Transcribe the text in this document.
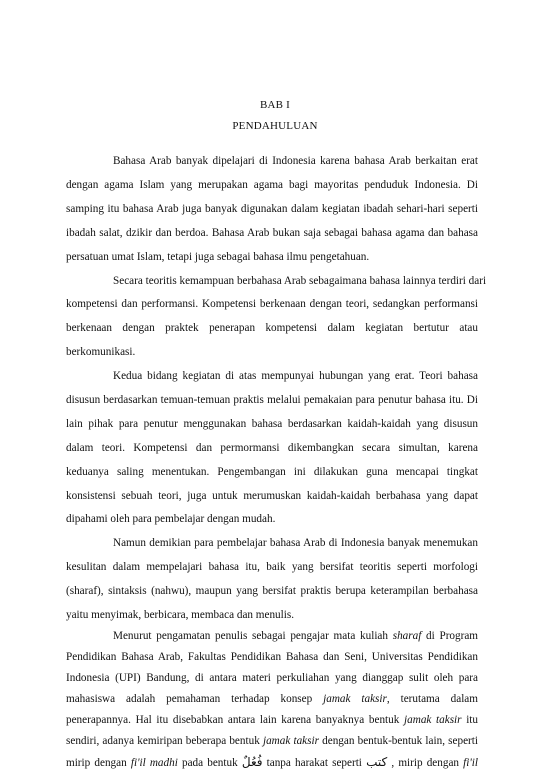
BAB I
PENDAHULUAN
Bahasa Arab banyak dipelajari di Indonesia karena bahasa Arab berkaitan erat
dengan agama Islam yang merupakan agama bagi mayoritas penduduk Indonesia. Di
samping itu bahasa Arab juga banyak digunakan dalam kegiatan ibadah sehari-hari seperti
ibadah salat, dzikir dan berdoa. Bahasa Arab bukan saja sebagai bahasa agama dan bahasa
persatuan umat Islam, tetapi juga sebagai bahasa ilmu pengetahuan.
Secara teoritis kemampuan berbahasa Arab sebagaimana bahasa lainnya terdiri dari
kompetensi dan performansi. Kompetensi berkenaan dengan teori, sedangkan performansi
berkenaan dengan praktek penerapan kompetensi dalam kegiatan bertutur atau
berkomunikasi.
Kedua bidang kegiatan di atas mempunyai hubungan yang erat. Teori bahasa
disusun berdasarkan temuan-temuan praktis melalui pemakaian para penutur bahasa itu. Di
lain pihak para penutur menggunakan bahasa berdasarkan kaidah-kaidah yang disusun
dalam teori. Kompetensi dan permormansi dikembangkan secara simultan, karena
keduanya saling menentukan. Pengembangan ini dilakukan guna mencapai tingkat
konsistensi sebuah teori, juga untuk merumuskan kaidah-kaidah berbahasa yang dapat
dipahami oleh para pembelajar dengan mudah.
Namun demikian para pembelajar bahasa Arab di Indonesia banyak menemukan
kesulitan dalam mempelajari bahasa itu, baik yang bersifat teoritis seperti morfologi
(sharaf), sintaksis (nahwu), maupun yang bersifat praktis berupa keterampilan berbahasa
yaitu menyimak, berbicara, membaca dan menulis.
Menurut pengamatan penulis sebagai pengajar mata kuliah sharaf di Program
Pendidikan Bahasa Arab, Fakultas Pendidikan Bahasa dan Seni, Universitas Pendidikan
Indonesia (UPI) Bandung, di antara materi perkuliahan yang dianggap sulit oleh para
mahasiswa adalah pemahaman terhadap konsep jamak taksir, terutama dalam
penerapannya. Hal itu disebabkan antara lain karena banyaknya bentuk jamak taksir itu
sendiri, adanya kemiripan beberapa bentuk jamak taksir dengan bentuk-bentuk lain, seperti
mirip dengan fi'il madhi pada bentuk فُعُلٌ tanpa harakat seperti كتب , mirip dengan fi'il
